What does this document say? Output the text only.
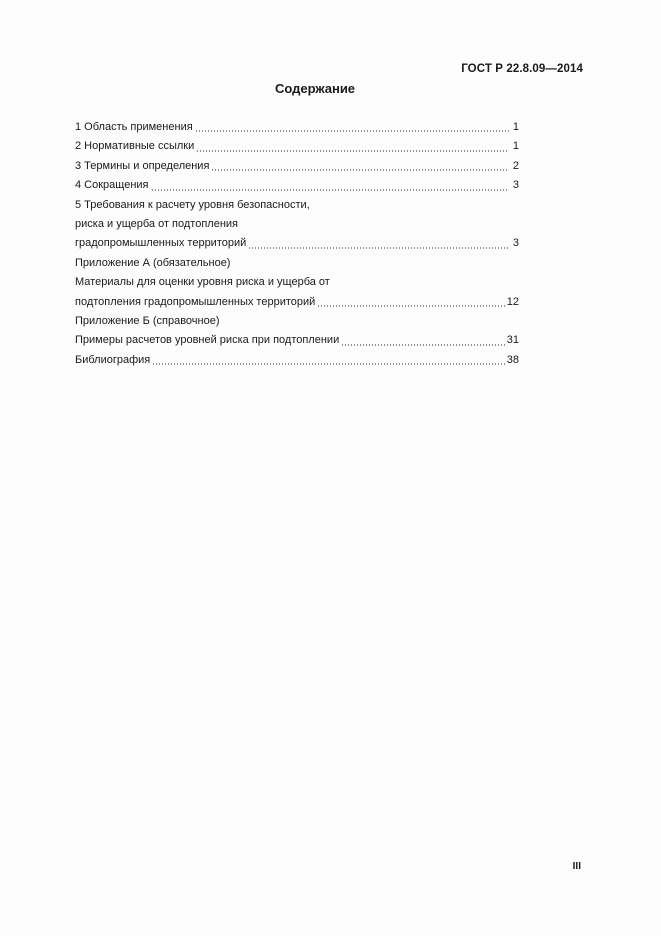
ГОСТ Р 22.8.09—2014
Содержание
1 Область применения	1
2 Нормативные ссылки	1
3 Термины и определения	2
4 Сокращения	3
5 Требования к расчету уровня безопасности,
риска и ущерба от подтопления
градопромышленных территорий	3
Приложение А (обязательное)
Материалы для оценки уровня риска и ущерба от
подтопления градопромышленных территорий	12
Приложение Б (справочное)
Примеры расчетов уровней риска при подтоплении	31
Библиография	38
III
